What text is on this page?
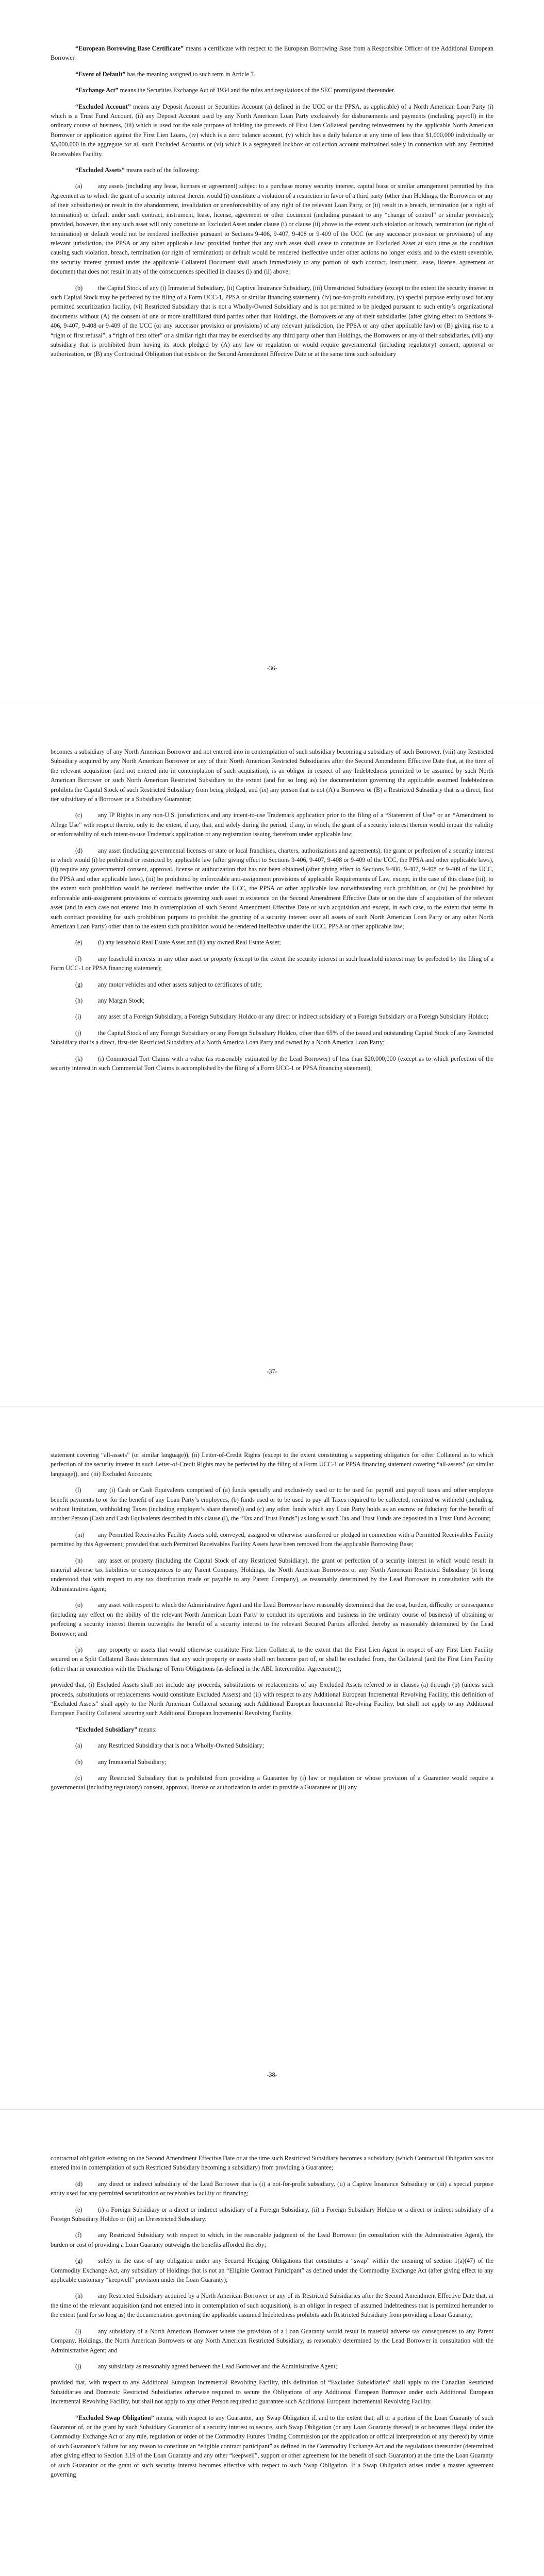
“European Borrowing Base Certificate” means a certificate with respect to the European Borrowing Base from a Responsible Officer of the Additional European Borrower.

“Event of Default” has the meaning assigned to such term in Article 7.

“Exchange Act” means the Securities Exchange Act of 1934 and the rules and regulations of the SEC promulgated thereunder.

“Excluded Account” means any Deposit Account or Securities Account (a) defined in the UCC or the PPSA, as applicable) of a North American Loan Party (i) which is a Trust Fund Account, (ii) any Deposit Account used by any North American Loan Party exclusively for disbursements and payments (including payroll) in the ordinary course of business, (iii) which is used for the sole purpose of holding the proceeds of First Lien Collateral pending reinvestment by the applicable North American Borrower or application against the First Lien Loans, (iv) which is a zero balance account, (v) which has a daily balance at any time of less than $1,000,000 individually or $5,000,000 in the aggregate for all such Excluded Accounts or (vi) which is a segregated lockbox or collection account maintained solely in connection with any Permitted Receivables Facility.

“Excluded Assets” means each of the following:

(a) any assets (including any lease, licenses or agreement) subject to a purchase money security interest, capital lease or similar arrangement permitted by this Agreement as to which the grant of a security interest therein would (i) constitute a violation of a restriction in favor of a third party (other than Holdings, the Borrowers or any of their subsidiaries) or result in the abandonment, invalidation or unenforceability of any right of the relevant Loan Party, or (ii) result in a breach, termination (or a right of termination) or default under such contract, instrument, lease, license, agreement or other document (including pursuant to any “change of control” or similar provision); provided, however, that any such asset will only constitute an Excluded Asset under clause (i) or clause (ii) above to the extent such violation or breach, termination (or right of termination) or default would not be rendered ineffective pursuant to Sections 9-406, 9-407, 9-408 or 9-409 of the UCC (or any successor provision or provisions) of any relevant jurisdiction, the PPSA or any other applicable law; provided further that any such asset shall cease to constitute an Excluded Asset at such time as the condition causing such violation, breach, termination (or right of termination) or default would be rendered ineffective under other actions no longer exists and to the extent severable, the security interest granted under the applicable Collateral Document shall attach immediately to any portion of such contract, instrument, lease, license, agreement or document that does not result in any of the consequences specified in clauses (i) and (ii) above;

(b) the Capital Stock of any (i) Immaterial Subsidiary, (ii) Captive Insurance Subsidiary, (iii) Unrestricted Subsidiary (except to the extent the security interest in such Capital Stock may be perfected by the filing of a Form UCC-1, PPSA or similar financing statement), (iv) not-for-profit subsidiary, (v) special purpose entity used for any permitted securitization facility, (vi) Restricted Subsidiary that is not a Wholly-Owned Subsidiary and is not permitted to be pledged pursuant to such entity’s organizational documents without (A) the consent of one or more unaffiliated third parties other than Holdings, the Borrowers or any of their subsidiaries (after giving effect to Sections 9-406, 9-407, 9-408 or 9-409 of the UCC (or any successor provision or provisions) of any relevant jurisdiction, the PPSA or any other applicable law) or (B) giving rise to a “right of first refusal”, a “right of first offer” or a similar right that may be exercised by any third party other than Holdings, the Borrowers or any of their subsidiaries, (vii) any subsidiary that is prohibited from having its stock pledged by (A) any law or regulation or would require governmental (including regulatory) consent, approval or authorization, or (B) any Contractual Obligation that exists on the Second Amendment Effective Date or at the same time such subsidiary

-36-

becomes a subsidiary of any North American Borrower and not entered into in contemplation of such subsidiary becoming a subsidiary of such Borrower, (viii) any Restricted Subsidiary acquired by any North American Borrower or any of their North American Restricted Subsidiaries after the Second Amendment Effective Date that, at the time of the relevant acquisition (and not entered into in contemplation of such acquisition), is an obligor in respect of any Indebtedness permitted to be assumed by such North American Borrower or such North American Restricted Subsidiary to the extent (and for so long as) the documentation governing the applicable assumed Indebtedness prohibits the Capital Stock of such Restricted Subsidiary from being pledged, and (ix) any person that is not (A) a Borrower or (B) a Restricted Subsidiary that is a direct, first tier subsidiary of a Borrower or a Subsidiary Guarantor;

(c) any IP Rights in any non-U.S. jurisdictions and any intent-to-use Trademark application prior to the filing of a “Statement of Use” or an “Amendment to Allege Use” with respect thereto, only to the extent, if any, that, and solely during the period, if any, in which, the grant of a security interest therein would impair the validity or enforceability of such intent-to-use Trademark application or any registration issuing therefrom under applicable law;

(d) any asset (including governmental licenses or state or local franchises, charters, authorizations and agreements), the grant or perfection of a security interest in which would (i) be prohibited or restricted by applicable law (after giving effect to Sections 9-406, 9-407, 9-408 or 9-409 of the UCC, the PPSA and other applicable laws), (ii) require any governmental consent, approval, license or authorization that has not been obtained (after giving effect to Sections 9-406, 9-407, 9-408 or 9-409 of the UCC, the PPSA and other applicable laws), (iii) be prohibited by enforceable anti-assignment provisions of applicable Requirements of Law, except, in the case of this clause (iii), to the extent such prohibition would be rendered ineffective under the UCC, the PPSA or other applicable law notwithstanding such prohibition, or (iv) be prohibited by enforceable anti-assignment provisions of contracts governing such asset in existence on the Second Amendment Effective Date or on the date of acquisition of the relevant asset (and in each case not entered into in contemplation of such Second Amendment Effective Date or such acquisition and except, in each case, to the extent that terms in such contract providing for such prohibition purports to prohibit the granting of a security interest over all assets of such North American Loan Party or any other North American Loan Party) other than to the extent such prohibition would be rendered ineffective under the UCC, PPSA or other applicable law;

(e) (i) any leasehold Real Estate Asset and (ii) any owned Real Estate Asset;

(f)	any leasehold interests in any other asset or property (except to the extent the security interest in such leasehold interest may be perfected by the filing of a Form UCC-1 or PPSA financing statement);

(g) any motor vehicles and other assets subject to certificates of title;

(h) any Margin Stock;

(i)	any asset of a Foreign Subsidiary, a Foreign Subsidiary Holdco or any direct or indirect subsidiary of a Foreign Subsidiary or a Foreign Subsidiary Holdco;

(j)	the Capital Stock of any Foreign Subsidiary or any Foreign Subsidiary Holdco, other than 65% of the issued and outstanding Capital Stock of any Restricted Subsidiary that is a direct, first-tier Restricted Subsidiary of a North America Loan Party and owned by a North America Loan Party;

(k) (i) Commercial Tort Claims with a value (as reasonably estimated by the Lead Borrower) of less than $20,000,000 (except as to which perfection of the security interest in such Commercial Tort Claims is accomplished by the filing of a Form UCC-1 or PPSA financing statement);

-37-

statement covering “all-assets” (or similar language)), (ii) Letter-of-Credit Rights (except to the extent constituting a supporting obligation for other Collateral as to which perfection of the security interest in such Letter-of-Credit Rights may be perfected by the filing of a Form UCC-1 or PPSA financing statement covering “all-assets” (or similar language)), and (iii) Excluded Accounts;

(l)	any (i) Cash or Cash Equivalents comprised of (a) funds specially and exclusively used or to be used for payroll and payroll taxes and other employee benefit payments to or for the benefit of any Loan Party’s employees, (b) funds used or to be used to pay all Taxes required to be collected, remitted or withheld (including, without limitation, withholding Taxes (including employer’s share thereof)) and (c) any other funds which any Loan Party holds as an escrow or fiduciary for the benefit of another Person (Cash and Cash Equivalents described in this clause (l), the “Tax and Trust Funds”) as long as such Tax and Trust Funds are deposited in a Trust Fund Account;

(m) any Permitted Receivables Facility Assets sold, conveyed, assigned or otherwise transferred or pledged in connection with a Permitted Receivables Facility permitted by this Agreement; provided that such Permitted Receivables Facility Assets have been removed from the applicable Borrowing Base;

(n) any asset or property (including the Capital Stock of any Restricted Subsidiary), the grant or perfection of a security interest in which would result in material adverse tax liabilities or consequences to any Parent Company, Holdings, the North American Borrowers or any North American Restricted Subsidiary (it being understood that with respect to any tax distribution made or payable to any Parent Company), as reasonably determined by the Lead Borrower in consultation with the Administrative Agent;

(o) any asset with respect to which the Administrative Agent and the Lead Borrower have reasonably determined that the cost, burden, difficulty or consequence (including any effect on the ability of the relevant North American Loan Party to conduct its operations and business in the ordinary course of business) of obtaining or perfecting a security interest therein outweighs the benefit of a security interest to the relevant Secured Parties afforded thereby as reasonably determined by the Lead Borrower; and

(p) any property or assets that would otherwise constitute First Lien Collateral, to the extent that the First Lien Agent in respect of any First Lien Facility secured on a Split Collateral Basis determines that any such property or assets shall not become part of, or shall be excluded from, the Collateral (and the First Lien Facility (other than in connection with the Discharge of Term Obligations (as defined in the ABL Intercreditor Agreement));

provided that, (i) Excluded Assets shall not include any proceeds, substitutions or replacements of any Excluded Assets referred to in clauses (a) through (p) (unless such proceeds, substitutions or replacements would constitute Excluded Assets) and (ii) with respect to any Additional European Incremental Revolving Facility, this definition of “Excluded Assets” shall apply to the North American Collateral securing such Additional European Incremental Revolving Facility, but shall not apply to any Additional European Facility Collateral securing such Additional European Incremental Revolving Facility.

“Excluded Subsidiary” means:

(a) any Restricted Subsidiary that is not a Wholly-Owned Subsidiary;

(b) any Immaterial Subsidiary;

(c) any Restricted Subsidiary that is prohibited from providing a Guarantee by (i) law or regulation or whose provision of a Guarantee would require a governmental (including regulatory) consent, approval, license or authorization in order to provide a Guarantee or (ii) any

-38-

contractual obligation existing on the Second Amendment Effective Date or at the time such Restricted Subsidiary becomes a subsidiary (which Contractual Obligation was not entered into in contemplation of such Restricted Subsidiary becoming a subsidiary) from providing a Guarantee;

(d) any direct or indirect subsidiary of the Lead Borrower that is (i) a not-for-profit subsidiary, (ii) a Captive Insurance Subsidiary or (iii) a special purpose entity used for any permitted securitization or receivables facility or financing;

(e) (i) a Foreign Subsidiary or a direct or indirect subsidiary of a Foreign Subsidiary, (ii) a Foreign Subsidiary Holdco or a direct or indirect subsidiary of a Foreign Subsidiary Holdco or (iii) an Unrestricted Subsidiary;

(f)	any Restricted Subsidiary with respect to which, in the reasonable judgment of the Lead Borrower (in consultation with the Administrative Agent), the burden or cost of providing a Loan Guaranty outweighs the benefits afforded thereby;

(g) solely in the case of any obligation under any Secured Hedging Obligations that constitutes a “swap” within the meaning of section 1(a)(47) of the Commodity Exchange Act, any subsidiary of Holdings that is not an “Eligible Contract Participant” as defined under the Commodity Exchange Act (after giving effect to any applicable customary “keepwell” provision under the Loan Guaranty);

(h) any Restricted Subsidiary acquired by a North American Borrower or any of its Restricted Subsidiaries after the Second Amendment Effective Date that, at the time of the relevant acquisition (and not entered into in contemplation of such acquisition), is an obligor in respect of assumed Indebtedness that is permitted hereunder to the extent (and for so long as) the documentation governing the applicable assumed Indebtedness prohibits such Restricted Subsidiary from providing a Loan Guaranty;

(i)	any subsidiary of a North American Borrower where the provision of a Loan Guaranty would result in material adverse tax consequences to any Parent Company, Holdings, the North American Borrowers or any North American Restricted Subsidiary, as reasonably determined by the Lead Borrower in consultation with the Administrative Agent; and

(j)	any subsidiary as reasonably agreed between the Lead Borrower and the Administrative Agent;

provided that, with respect to any Additional European Incremental Revolving Facility, this definition of “Excluded Subsidiaries” shall apply to the Canadian Restricted Subsidiaries and Domestic Restricted Subsidiaries otherwise required to secure the Obligations of any Additional European Borrower under such Additional European Incremental Revolving Facility, but shall not apply to any other Person required to guarantee such Additional European Incremental Revolving Facility.

“Excluded Swap Obligation” means, with respect to any Guarantor, any Swap Obligation if, and to the extent that, all or a portion of the Loan Guaranty of such Guarantor of, or the grant by such Subsidiary Guarantor of a security interest to secure, such Swap Obligation (or any Loan Guaranty thereof) is or becomes illegal under the Commodity Exchange Act or any rule, regulation or order of the Commodity Futures Trading Commission (or the application or official interpretation of any thereof) by virtue of such Guarantor’s failure for any reason to constitute an “eligible contract participant” as defined in the Commodity Exchange Act and the regulations thereunder (determined after giving effect to Section 3.19 of the Loan Guaranty and any other “keepwell”, support or other agreement for the benefit of such Guarantor) at the time the Loan Guaranty of such Guarantor or the grant of such security interest becomes effective with respect to such Swap Obligation. If a Swap Obligation arises under a master agreement governing
